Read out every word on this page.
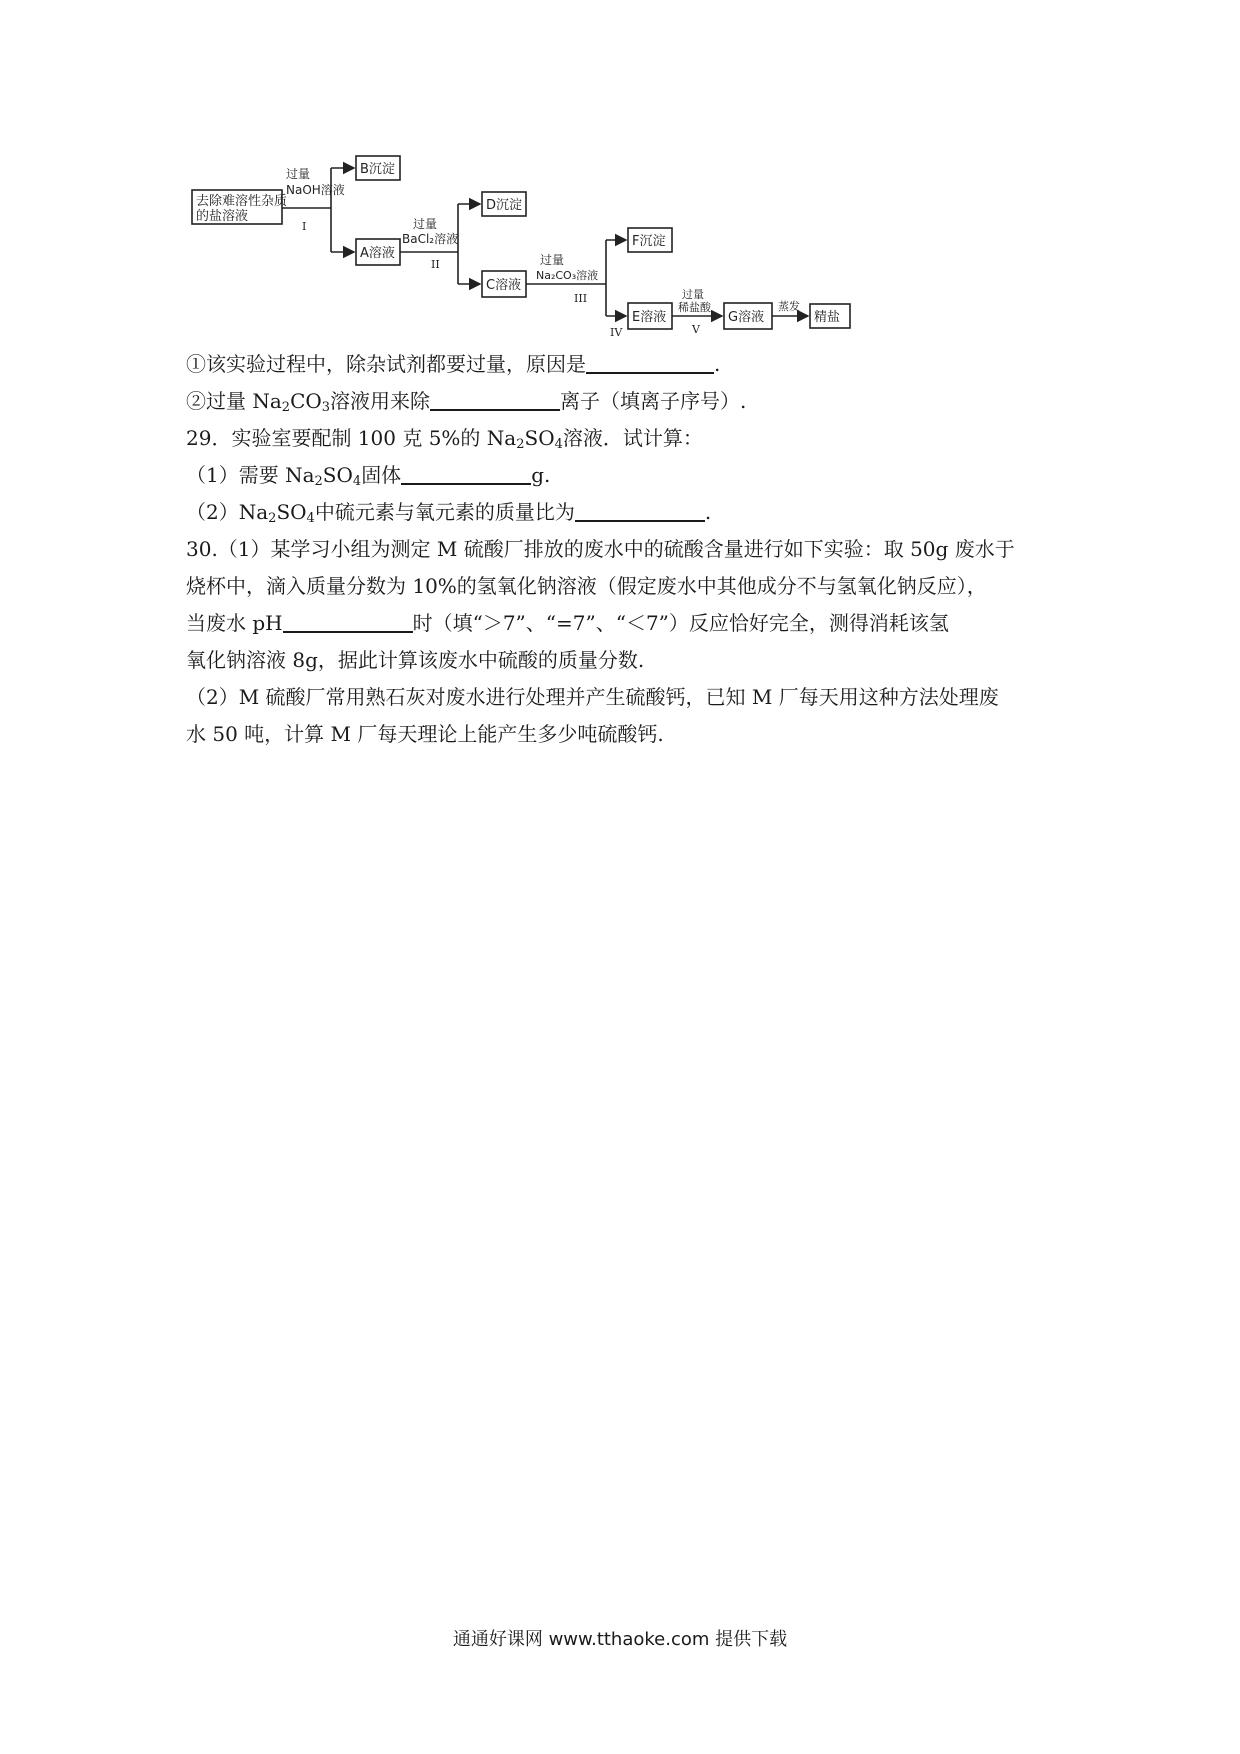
去除难溶性杂质
的盐溶液
过量
NaOH溶液
I
B沉淀
A溶液
过量
BaCl₂溶液
II
D沉淀
C溶液
过量
Na₂CO₃溶液
III
IV
F沉淀
E溶液
过量
稀盐酸
V
G溶液
蒸发
精盐
①该实验过程中，除杂试剂都要过量，原因是	.
②过量 $Na_2CO_3$溶液用来除	离子（填离子序号）.
29．实验室要配制 100 克 5%的 $Na_2SO_4$溶液．试计算：
（1）需要 $Na_2SO_4$固体	g.
$(2)Na_2SO_4$中硫元素与氧元素的质量比为	.
30.（1）某学习小组为测定 M 硫酸厂排放的废水中的硫酸含量进行如下实验：取 50g 废水于
烧杯中，滴入质量分数为 10%的氢氧化钠溶液（假定废水中其他成分不与氢氧化钠反应），
当废水 pH	时（填“＞7”、“=7”、“＜7”）反应恰好完全，测得消耗该氢
氧化钠溶液 8g，据此计算该废水中硫酸的质量分数.
（2）M 硫酸厂常用熟石灰对废水进行处理并产生硫酸钙，已知 M 厂每天用这种方法处理废
水 50 吨，计算 M 厂每天理论上能产生多少吨硫酸钙.
通通好课网 www.tthaoke.com 提供下载
